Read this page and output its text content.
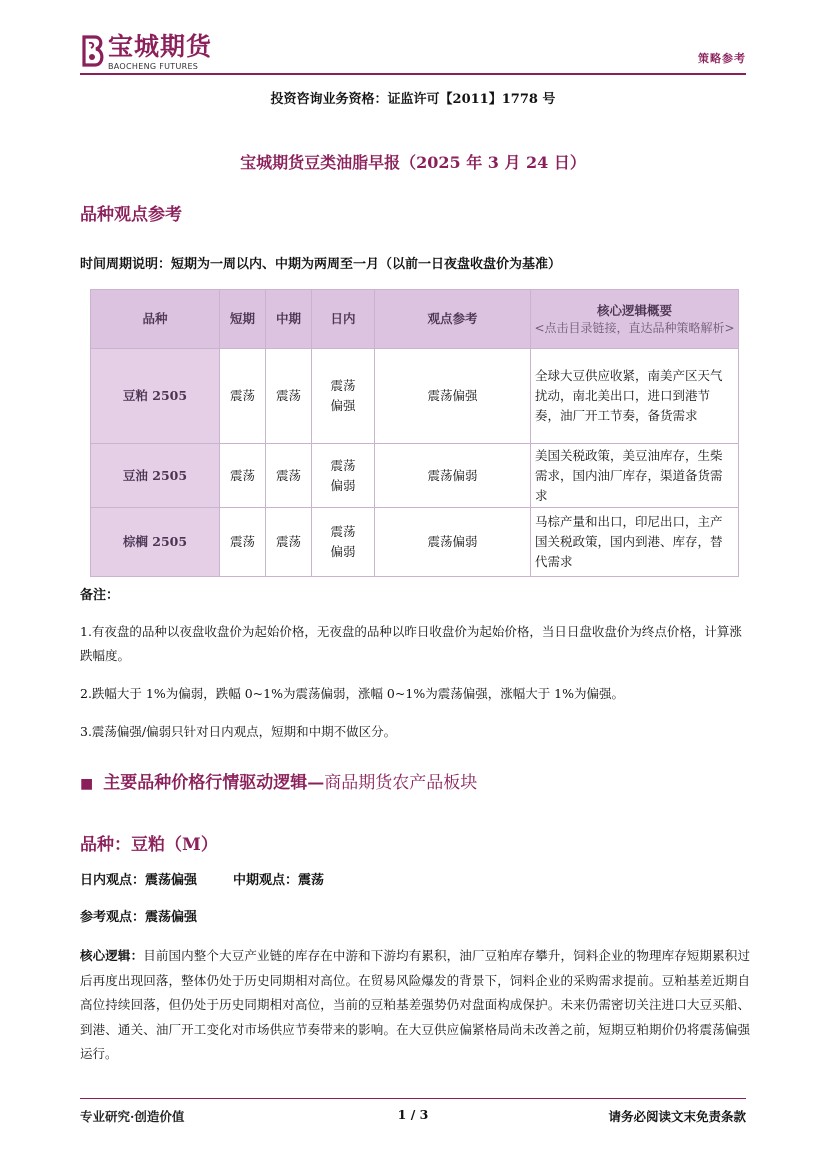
宝城期货
BAOCHENG FUTURES
策略参考
投资咨询业务资格：证监许可【2011】1778 号
宝城期货豆类油脂早报（2025 年 3 月 24 日）
品种观点参考
时间周期说明：短期为一周以内、中期为两周至一月（以前一日夜盘收盘价为基准）
品种	短期	中期	日内	观点参考	核心逻辑概要
<点击目录链接，直达品种策略解析>

豆粕 2505	震荡	震荡	震荡偏强	震荡偏强	全球大豆供应收紧，南美产区天气扰动，南北美出口，进口到港节奏，油厂开工节奏，备货需求
豆油 2505	震荡	震荡	震荡偏弱	震荡偏弱	美国关税政策，美豆油库存，生柴需求，国内油厂库存，渠道备货需求
棕榈 2505	震荡	震荡	震荡偏弱	震荡偏弱	马棕产量和出口，印尼出口，主产国关税政策，国内到港、库存，替代需求
备注：
1.有夜盘的品种以夜盘收盘价为起始价格，无夜盘的品种以昨日收盘价为起始价格，当日日盘收盘价为终点价格，计算涨跌幅度。
2.跌幅大于 1%为偏弱，跌幅 0~1%为震荡偏弱，涨幅 0~1%为震荡偏强，涨幅大于 1%为偏强。
3.震荡偏强/偏弱只针对日内观点，短期和中期不做区分。
■ 主要品种价格行情驱动逻辑—商品期货农产品板块
品种：豆粕（M）
日内观点：震荡偏强	中期观点：震荡
参考观点：震荡偏强
核心逻辑：目前国内整个大豆产业链的库存在中游和下游均有累积，油厂豆粕库存攀升，饲料企业的物理库存短期累积过后再度出现回落，整体仍处于历史同期相对高位。在贸易风险爆发的背景下，饲料企业的采购需求提前。豆粕基差近期自高位持续回落，但仍处于历史同期相对高位，当前的豆粕基差强势仍对盘面构成保护。未来仍需密切关注进口大豆买船、到港、通关、油厂开工变化对市场供应节奏带来的影响。在大豆供应偏紧格局尚未改善之前，短期豆粕期价仍将震荡偏强运行。
专业研究·创造价值	1 / 3	请务必阅读文末免责条款
